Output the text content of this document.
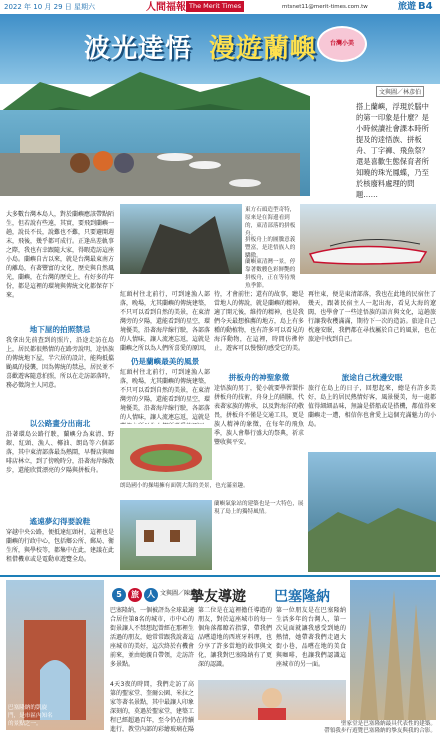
2022 年 10 月 29 日 星期六	人間福報 The Merit Times	mtsnet11@merit-times.com.tw	旅遊 B4
波光逹悟 漫遊蘭嶼	台灣小美
文與圖／林彥伯
搭上蘭嶼，浮現於腦中的第一印象是什麼？是小時候讀社會課本時所提及的逹悟族、拼板舟、丁字褲、飛魚祭？還是喜歡生態保育者所知曉的珠光鳳蝶，乃至於核廢料處理的問題……
大多數台灣本島人，對於蘭嶼應該帶點陌生，但若說有些遠，其實，要飛到蘭嶼一趟，說長不長，說難也不難，只要避開週末，飛後，幾乎都可成行。正逢出差軌事之際，我也有幸跟隨大家，得暇造訪這座小島。蘭嶼自古以來，就是台灣最東南方的離島，有著豐富的文化、歷史與自然風光，蘭嶼，在台灣的歷史上，有好多的年份，都是這裡的環境與傳統文化都保存下來。
地下屋的拍照禁忌
我拿出先前查到的照片，沿途走訪在島上，居民都很熱情的在路旁說明，逹悟族的傳統地下屋，半穴居的設計，能夠抵擋颱風的侵襲，因為傳統的禁忌，居民並不喜歡遊客隨意拍照，所以在走訪部落時，務必徵詢主人同意。
以公路畫分出南北
沿著環島公路行駛，蘭嶼分為東清、野銀、紅頭、漁人、椰油、朗島等六個部落，其中東清部落最為熱鬧，早餐店與咖啡店林立，到了傍晚時分，沿著海岸線散步，還能欣賞漂亮的夕陽與拼板舟。
遙遠夢幻得要說鞋
穿越中央公路，便抵達紅頭村，這裡也是蘭嶼的行政中心，包括鄉公所、郵局、衛生所，與學校等，都集中在此，建議在此租借機車或是電動車遊覽全島。
東方石頭造型奇特，原來是在海邊看到的，東清部落的拼板舟。
拼板舟上的圖騰意義豐富，是逹悟族人的驕傲。
蘭嶼東清灣一景，停靠著數艘色彩鮮艷的拼板舟，正在等待飛魚季節。
紅頭村往北前行，可到達漁人部落，晚場，尤其蘭嶼的傳統建築，不只可以看到自然的美景，在東清灣旁的夕陽，還能看到的星空，環境優美，沿著海岸線行駛，各部落的人情味，讓人流連忘返，這就是蘭嶼之所以為人們所喜愛的原因，
仍是蘭嶼最美的風景
紅頭村往北前行，可到達漁人部落，晚場，尤其蘭嶼的傳統建築，不只可以看到自然的美景，在東清灣旁的夕陽，還能看到的星空，環境優美，沿著海岸線行駛，各部落的人情味，讓人流連忘返，這就是
待，才會前往；還有的故事，聽是當地人的傳說，就是蘭嶼的精神。適了開元後，維持的精神，也是我們今天最想推薦的地方，島上有多種的動植物，也有許多可以看見的海洋動物，在這裡，時間彷彿停止，遊客可以慢慢的感受它的美。
拼板舟的神聖象徵
逹悟族的男丁，從小就要學習製作拼板舟的技術，舟身上的圖騰，代表著家族的傳承，以及對海洋的敬畏，拼板舟不僅是交通工具，更是族人精神的象徵，在每年的飛魚季，族人會舉行盛大的祭典，祈求豐收與平安。
再往東，便是東清部落，我也在此地的民宿住了幾天，跟著民宿主人一起出海，看見大海的遼闊，也學會了一些逹悟族的語言與文化，這趟旅行讓我收穫滿滿，期待下一次的造訪。旅途自己枕邊安眠，我們都在尋找屬於自己的風景，也在旅途中找到自己。
旅途自己枕邊安眠
旅行在島上的日子，回想起來，總是有許多美好，島上的居民熱情好客，風景優美，每一處都值得細細品味，無論是搭船或是搭機，都值得來蘭嶼走一遭，相信你也會愛上這個充滿魅力的小島。
朗島國小的操場擁有面朝大海的美景，也充滿童趣。
蘭嶼氣象站的建築也是一大特色，展現了島上的獨特風情。
5	旅	人 文與圖／陳柔威
摯友導遊 巴塞隆納
巴塞隆納的凱旋門，是市區內知名的景點之一。
巴塞隆納，一個被評為全球最適合居住第8名的城市，市中心的街景讓人不禁想起曾經在那裡生活過的朋友，她常常跟我說著這座城市的美好，這次終於有機會前來，並由她親自帶領，走訪許多景點。
4天3夜的時間，我們走訪了高第的聖家堂、奎爾公園、米拉之家等著名景點，其中最讓人印象深刻的，莫過於聖家堂，建築工程已經超過百年，至今仍在持續進行，教堂內部的彩繪玻璃在陽
第二位是在這裡擔任導遊的朋友，對於這座城市的每一個角落都瞭若指掌，帶我們品嚐道地的西班牙料理，也分享了許多當地的故事與文化，讓我對巴塞隆納有了更深的認識。
第一位朋友是在巴塞隆納生活多年的台灣人，第一次見面就讓我感受到她的熱情，她帶著我們走過大街小巷，品嚐在地的美食與咖啡，也讓我們認識這座城市的另一面。
聖家堂是巴塞隆納最具代表性的建築。
帶領我步行遊覽巴塞隆納的摯友與我的合影。
